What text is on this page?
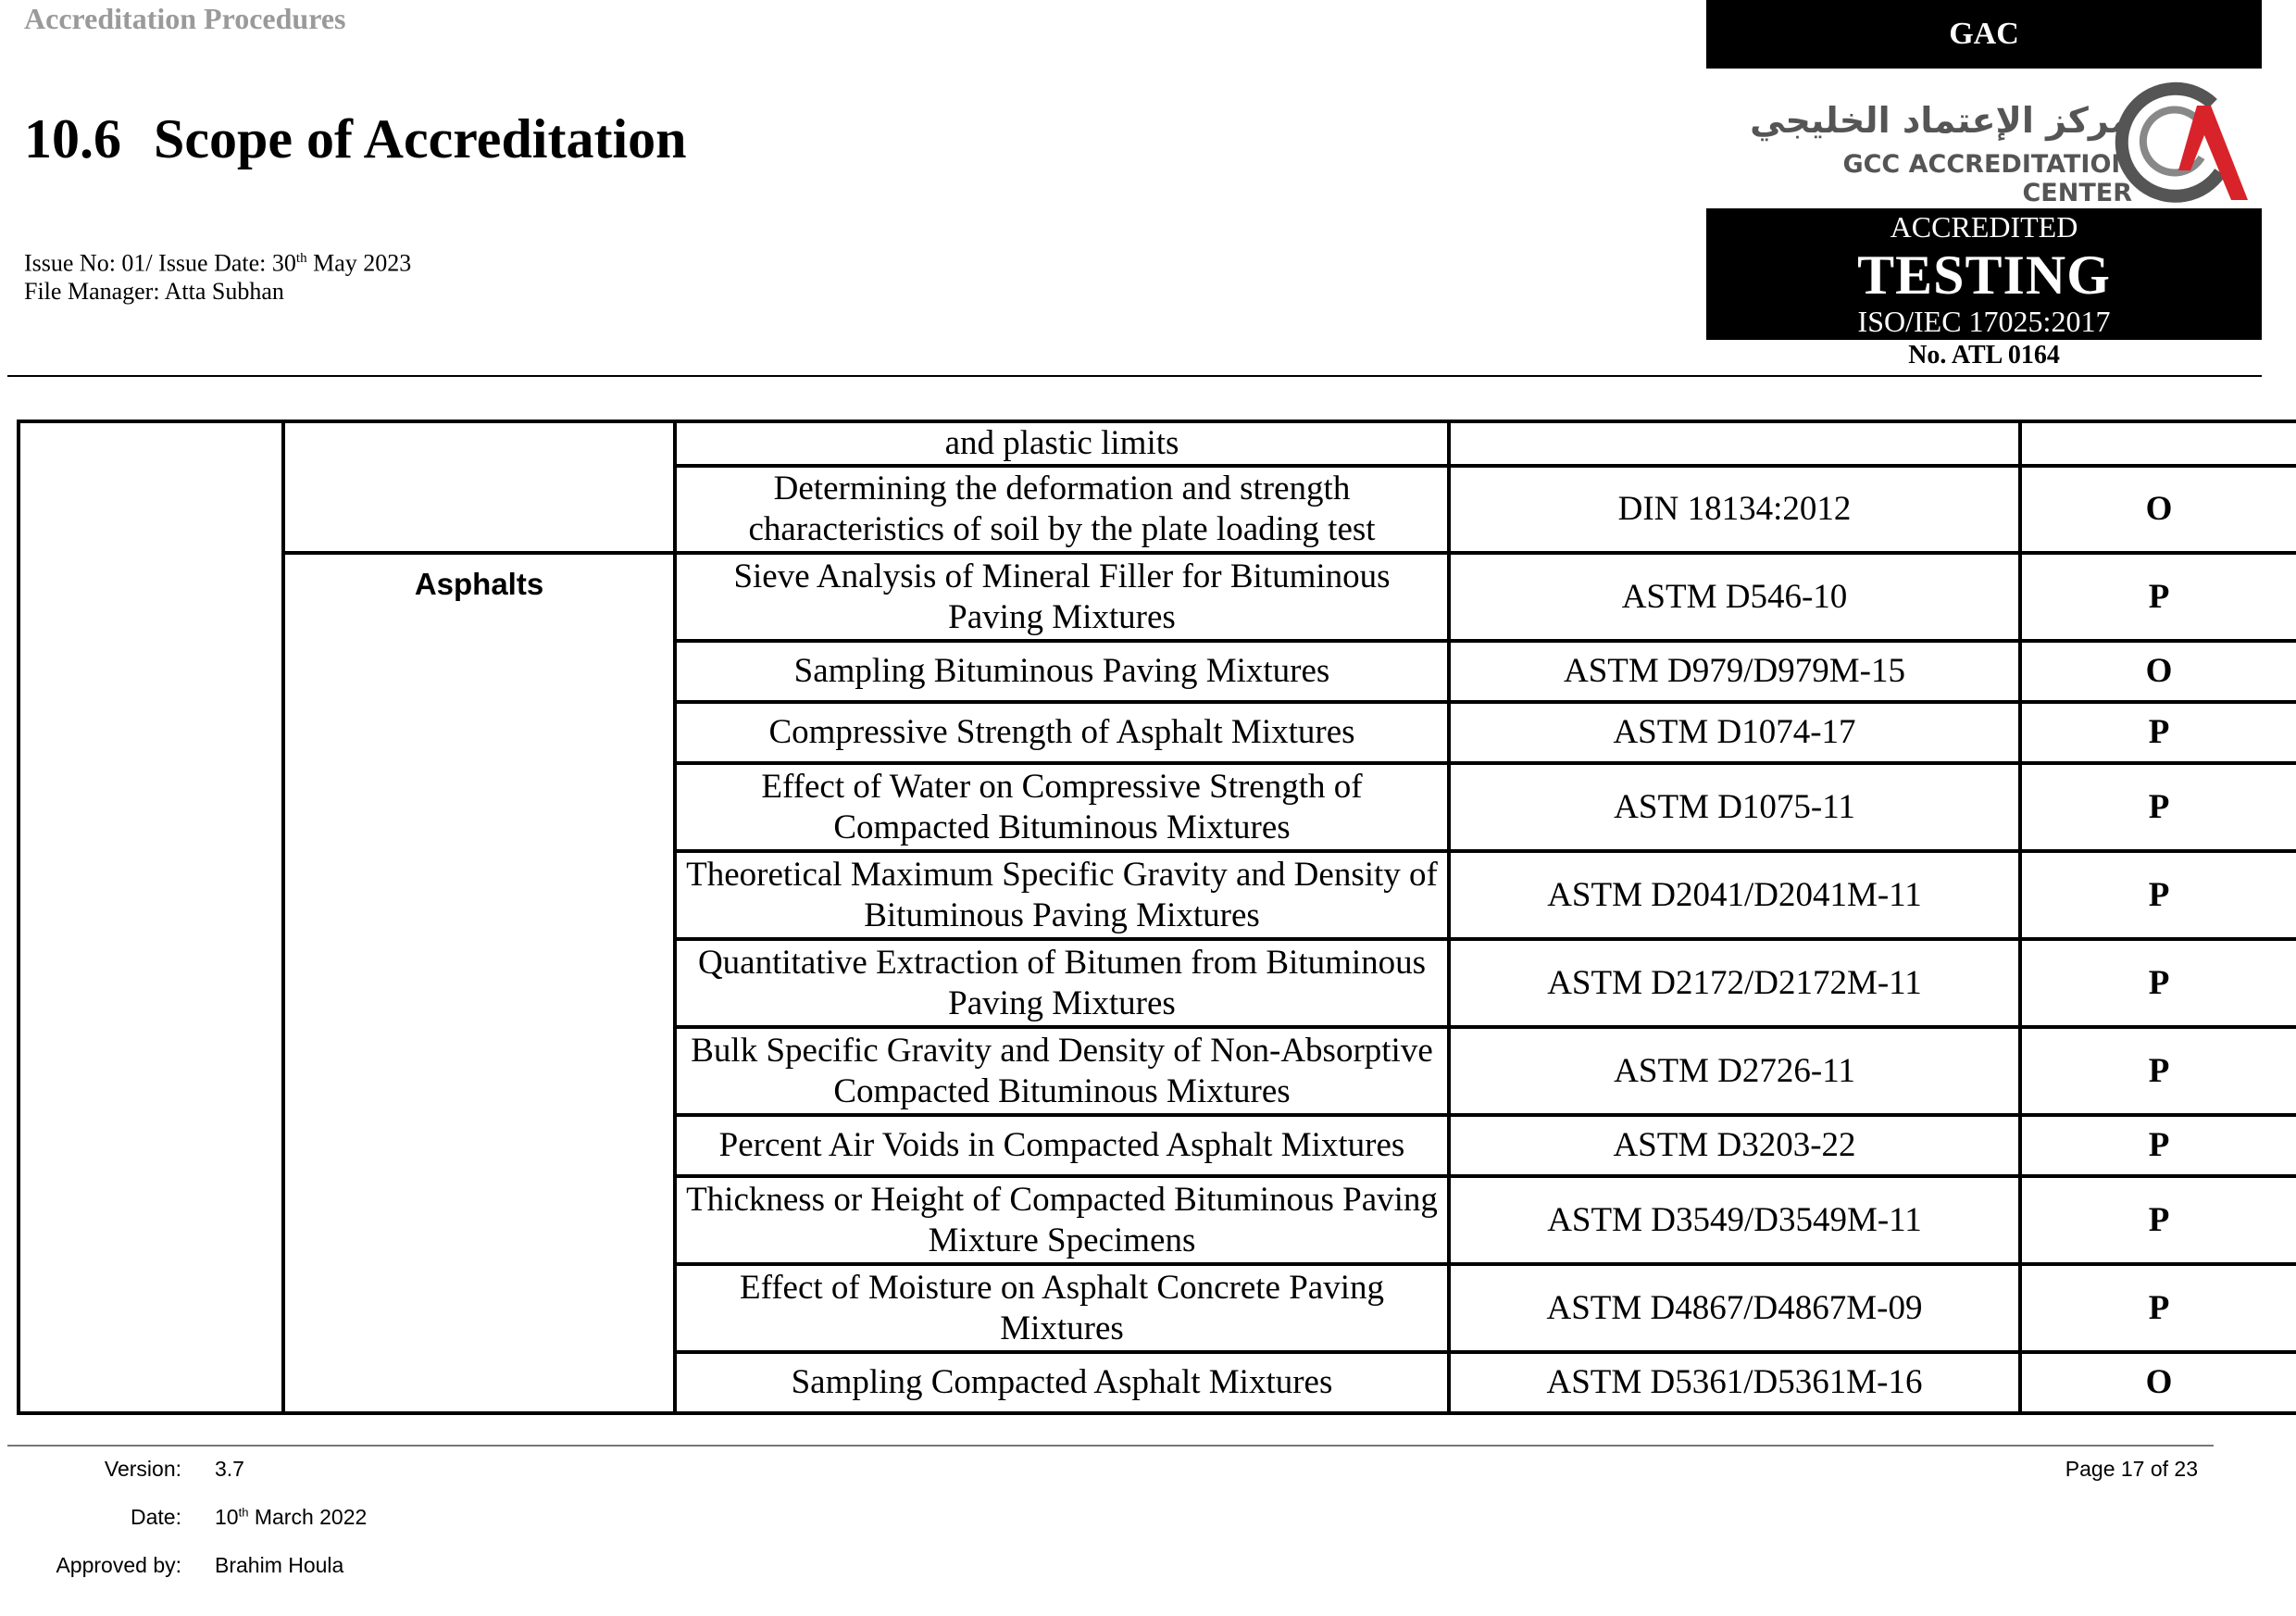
Accreditation Procedures
10.6 Scope of Accreditation
Issue No: 01/ Issue Date: 30th May 2023
File Manager: Atta Subhan
GAC
مركز الإعتماد الخليجي
GCC ACCREDITATION CENTER
ACCREDITED
TESTING
ISO/IEC 17025:2017
No. ATL 0164
		and plastic limits		
		Determining the deformation and strength characteristics of soil by the plate loading test	DIN 18134:2012	O
	Asphalts	Sieve Analysis of Mineral Filler for Bituminous Paving Mixtures	ASTM D546-10	P
		Sampling Bituminous Paving Mixtures	ASTM D979/D979M-15	O
		Compressive Strength of Asphalt Mixtures	ASTM D1074-17	P
		Effect of Water on Compressive Strength of Compacted Bituminous Mixtures	ASTM D1075-11	P
		Theoretical Maximum Specific Gravity and Density of Bituminous Paving Mixtures	ASTM D2041/D2041M-11	P
		Quantitative Extraction of Bitumen from Bituminous Paving Mixtures	ASTM D2172/D2172M-11	P
		Bulk Specific Gravity and Density of Non-Absorptive Compacted Bituminous Mixtures	ASTM D2726-11	P
		Percent Air Voids in Compacted Asphalt Mixtures	ASTM D3203-22	P
		Thickness or Height of Compacted Bituminous Paving Mixture Specimens	ASTM D3549/D3549M-11	P
		Effect of Moisture on Asphalt Concrete Paving Mixtures	ASTM D4867/D4867M-09	P
		Sampling Compacted Asphalt Mixtures	ASTM D5361/D5361M-16	O
Version: 3.7
Date: 10th March 2022
Approved by: Brahim Houla
Page 17 of 23
